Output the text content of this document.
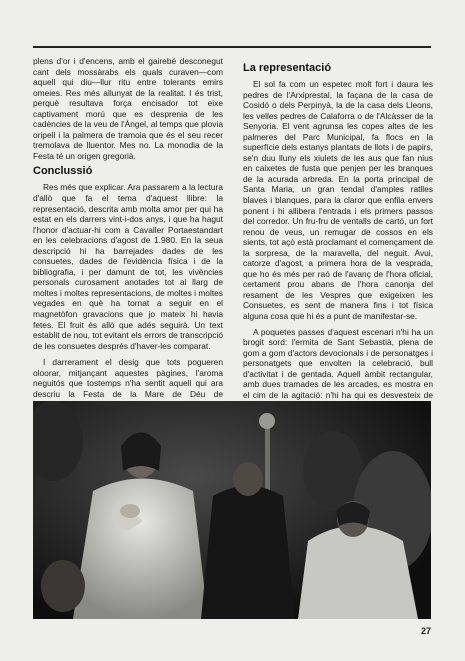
plens d'or i d'encens, amb el gairebé desconegut cant dels mossàrabs els quals curaven—com aquell qui diu—llur ritu entre tolerants emirs omeies. Res més allunyat de la realitat. I és trist, perquè resultava força encisador tot eixe captivament morú que es desprenia de les cadències de la veu de l'Àngel, al temps que plovia oripell i la palmera de tramoia que és el seu recer tremolava de lluentor. Mes no. La monodia de la Festa té un origen gregorià.

Conclussió

Res més que explicar. Ara passarem a la lectura d'allò que fa el tema d'aquest llibre: la representació, descrita amb molta amor per qui ha estat en els darrers vint-i-dos anys, i que ha hagut l'honor d'actuar-hi com a Cavaller Portaestandart en les celebracions d'agost de 1.980. En la seua descripció hi ha barrejades dades de les consuetes, dades de l'evidència física i de la bibliografia, i per damunt de tot, les vivències personals curosament anotades tot al llarg de moltes i moltes representacions, de moltes i moltes vegades en què ha tornat a seguir en el magnetòfon gravacions que jo mateix hi havia fetes. El fruit és allò que adés seguirà. Un text establit de nou, tot evitant els errors de transcripció de les consuetes després d'haver-les comparat.

I darrerament el desig que tots pogueren oloorar, mitjançant aquestes pàgines, l'aroma neguitós que tostemps n'ha sentit aquell qui ara descriu la Festa de la Mare de Déu de

La representació

El sol fa com un espetec molt fort i daura les pedres de l'Arxiprestal, la façana de la casa de Cosidó o dels Perpinyà, la de la casa dels Lleons, les velles pedres de Calaforra o de l'Alcàsser de la Senyoria. El vent agrunsa les copes altes de les palmeres del Parc Municipal, fa flocs en la superfície dels estanys plantats de llots i de papirs, se'n duu lluny els xiulets de les aus que fan nius en caixetes de fusta que penjen per les branques de la acurada arbreda. En la porta principal de Santa Maria, un gran tendal d'amples ratlles blaves i blanques, para la claror que enfila envers ponent i hi allibera l'entrada i els primers passos del corredor. Un fru-fru de ventalls de cartó, un fort renou de veus, un remugar de cossos en els sients, tot açò està proclamant el començament de la sorpresa, de la maravella, del neguit. Avui, catorze d'agost, a primera hora de la vesprada, que ho és més per raó de l'avanç de l'hora oficial, certament prou abans de l'hora canonja del resament de les Vespres que exigeixen les Consuetes, es sent de manera fins i tot física alguna cosa que hi és a punt de manifestar-se.

A poquetes passes d'aquest escenari n'hi ha un brogit sord: l'ermita de Sant Sebastià, plena de gom a gom d'actors devocionals i de personatges i personatgets que envolten la celebració, bull d'activitat i de gentada. Aquell àmbit rectangular, amb dues tramades de les arcades, es mostra en el cim de la agitació: n'hi ha qui es desvesteix de

27
